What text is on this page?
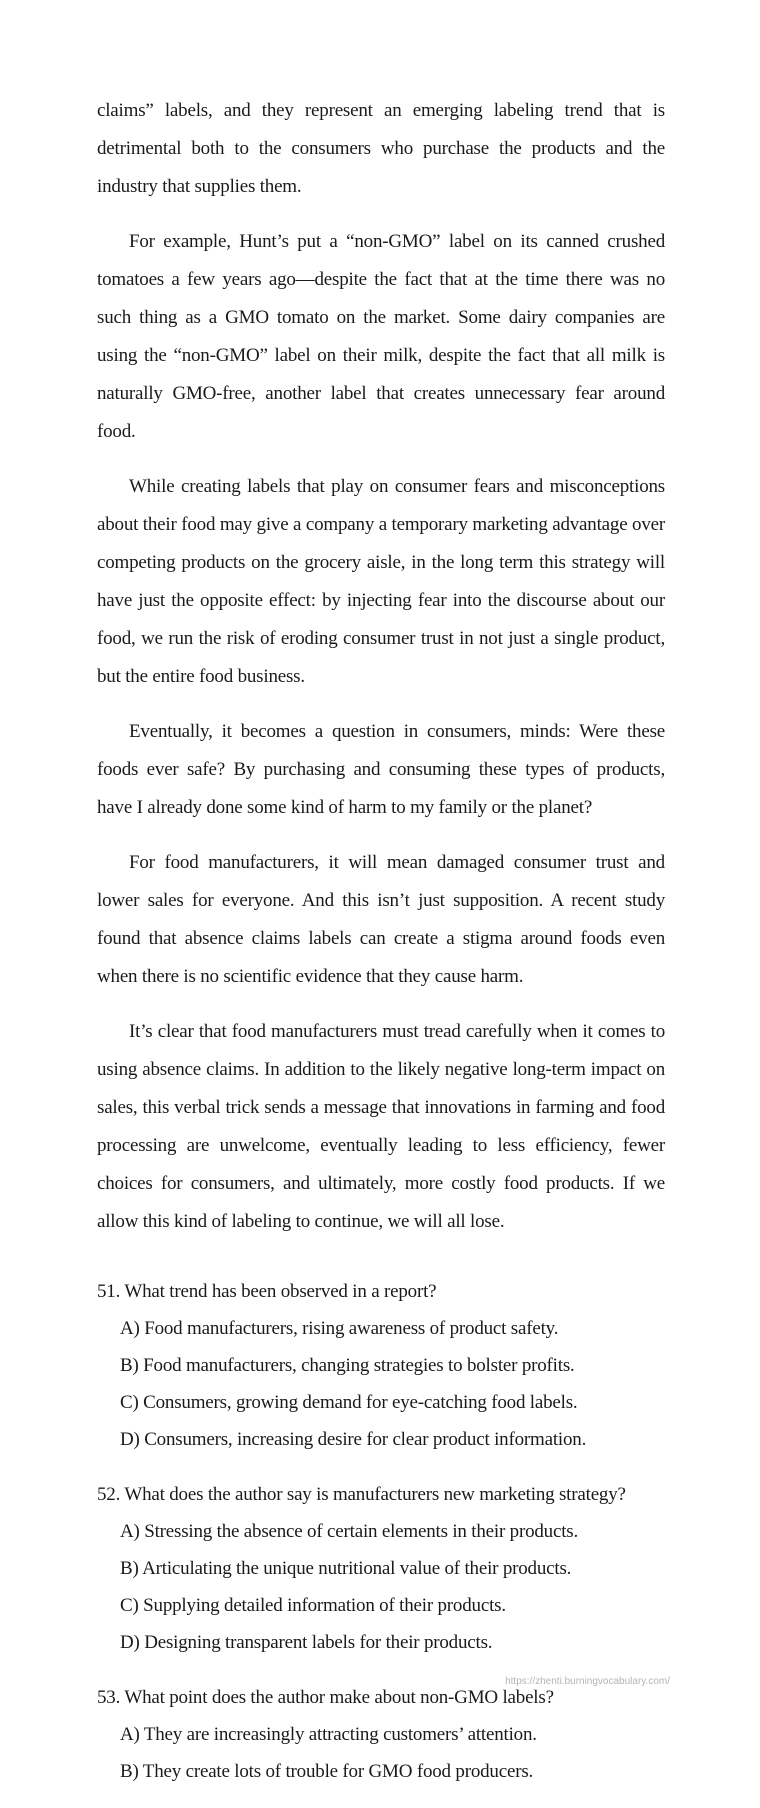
claims” labels, and they represent an emerging labeling trend that is detrimental both to the consumers who purchase the products and the industry that supplies them.

For example, Hunt’s put a “non-GMO” label on its canned crushed tomatoes a few years ago—despite the fact that at the time there was no such thing as a GMO tomato on the market. Some dairy companies are using the “non-GMO” label on their milk, despite the fact that all milk is naturally GMO-free, another label that creates unnecessary fear around food.

While creating labels that play on consumer fears and misconceptions about their food may give a company a temporary marketing advantage over competing products on the grocery aisle, in the long term this strategy will have just the opposite effect: by injecting fear into the discourse about our food, we run the risk of eroding consumer trust in not just a single product, but the entire food business.

Eventually, it becomes a question in consumers, minds: Were these foods ever safe? By purchasing and consuming these types of products, have I already done some kind of harm to my family or the planet?

For food manufacturers, it will mean damaged consumer trust and lower sales for everyone. And this isn’t just supposition. A recent study found that absence claims labels can create a stigma around foods even when there is no scientific evidence that they cause harm.

It’s clear that food manufacturers must tread carefully when it comes to using absence claims. In addition to the likely negative long-term impact on sales, this verbal trick sends a message that innovations in farming and food processing are unwelcome, eventually leading to less efficiency, fewer choices for consumers, and ultimately, more costly food products. If we allow this kind of labeling to continue, we will all lose.

51. What trend has been observed in a report?
A) Food manufacturers, rising awareness of product safety.
B) Food manufacturers, changing strategies to bolster profits.
C) Consumers, growing demand for eye-catching food labels.
D) Consumers, increasing desire for clear product information.
52. What does the author say is manufacturers new marketing strategy?
A) Stressing the absence of certain elements in their products.
B) Articulating the unique nutritional value of their products.
C) Supplying detailed information of their products.
D) Designing transparent labels for their products.
53. What point does the author make about non-GMO labels?
A) They are increasingly attracting customers’ attention.
B) They create lots of trouble for GMO food producers.
https://zhenti.burningvocabulary.com/
